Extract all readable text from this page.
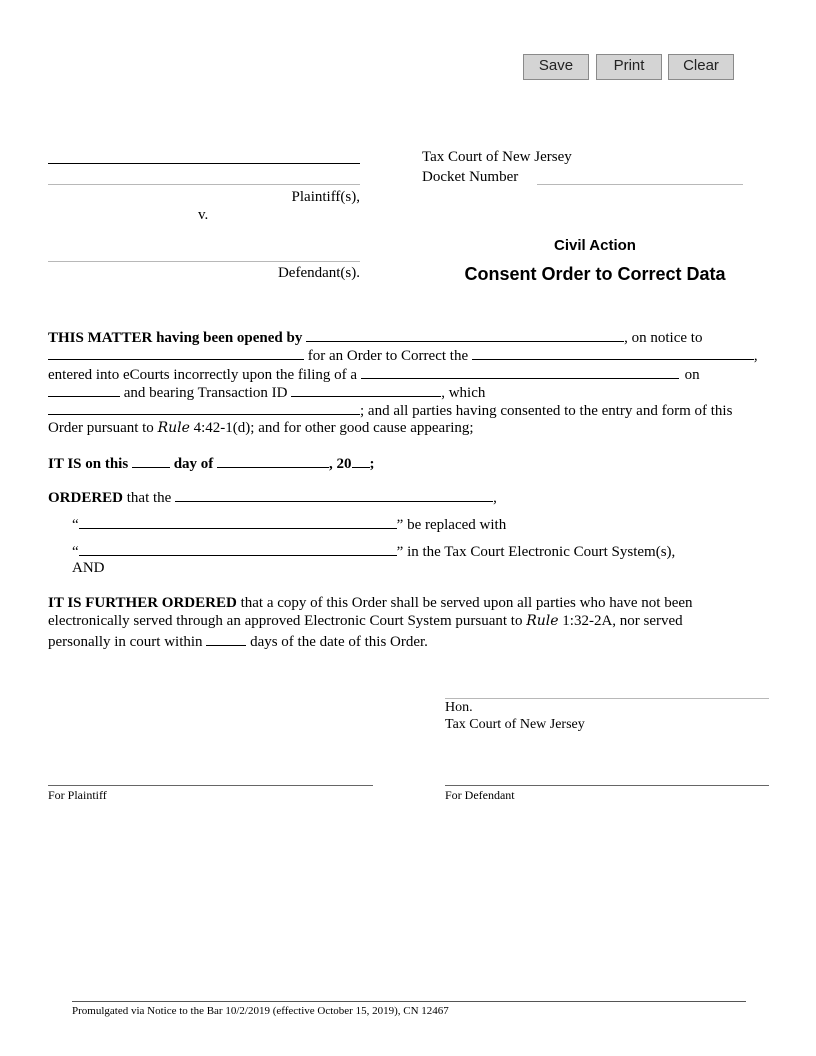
Save	Print	Clear
Plaintiff(s),
v.
Defendant(s).
Tax Court of New Jersey
Docket Number
Civil Action
Consent Order to Correct Data
THIS MATTER having been opened by	, on notice to
for an Order to Correct the	,
entered into eCourts incorrectly upon the filing of a	on
and bearing Transaction ID	, which
; and all parties having consented to the entry and form of this
Order pursuant to Rule 4:42-1(d); and for other good cause appearing;
IT IS on this	day of	, 20 ;
ORDERED that the	,
“	” be replaced with
“	” in the Tax Court Electronic Court System(s),
AND
IT IS FURTHER ORDERED that a copy of this Order shall be served upon all parties who have not been
electronically served through an approved Electronic Court System pursuant to Rule 1:32-2A, nor served
personally in court within	days of the date of this Order.
Hon.
Tax Court of New Jersey
For Plaintiff	For Defendant
Promulgated via Notice to the Bar 10/2/2019 (effective October 15, 2019), CN 12467
